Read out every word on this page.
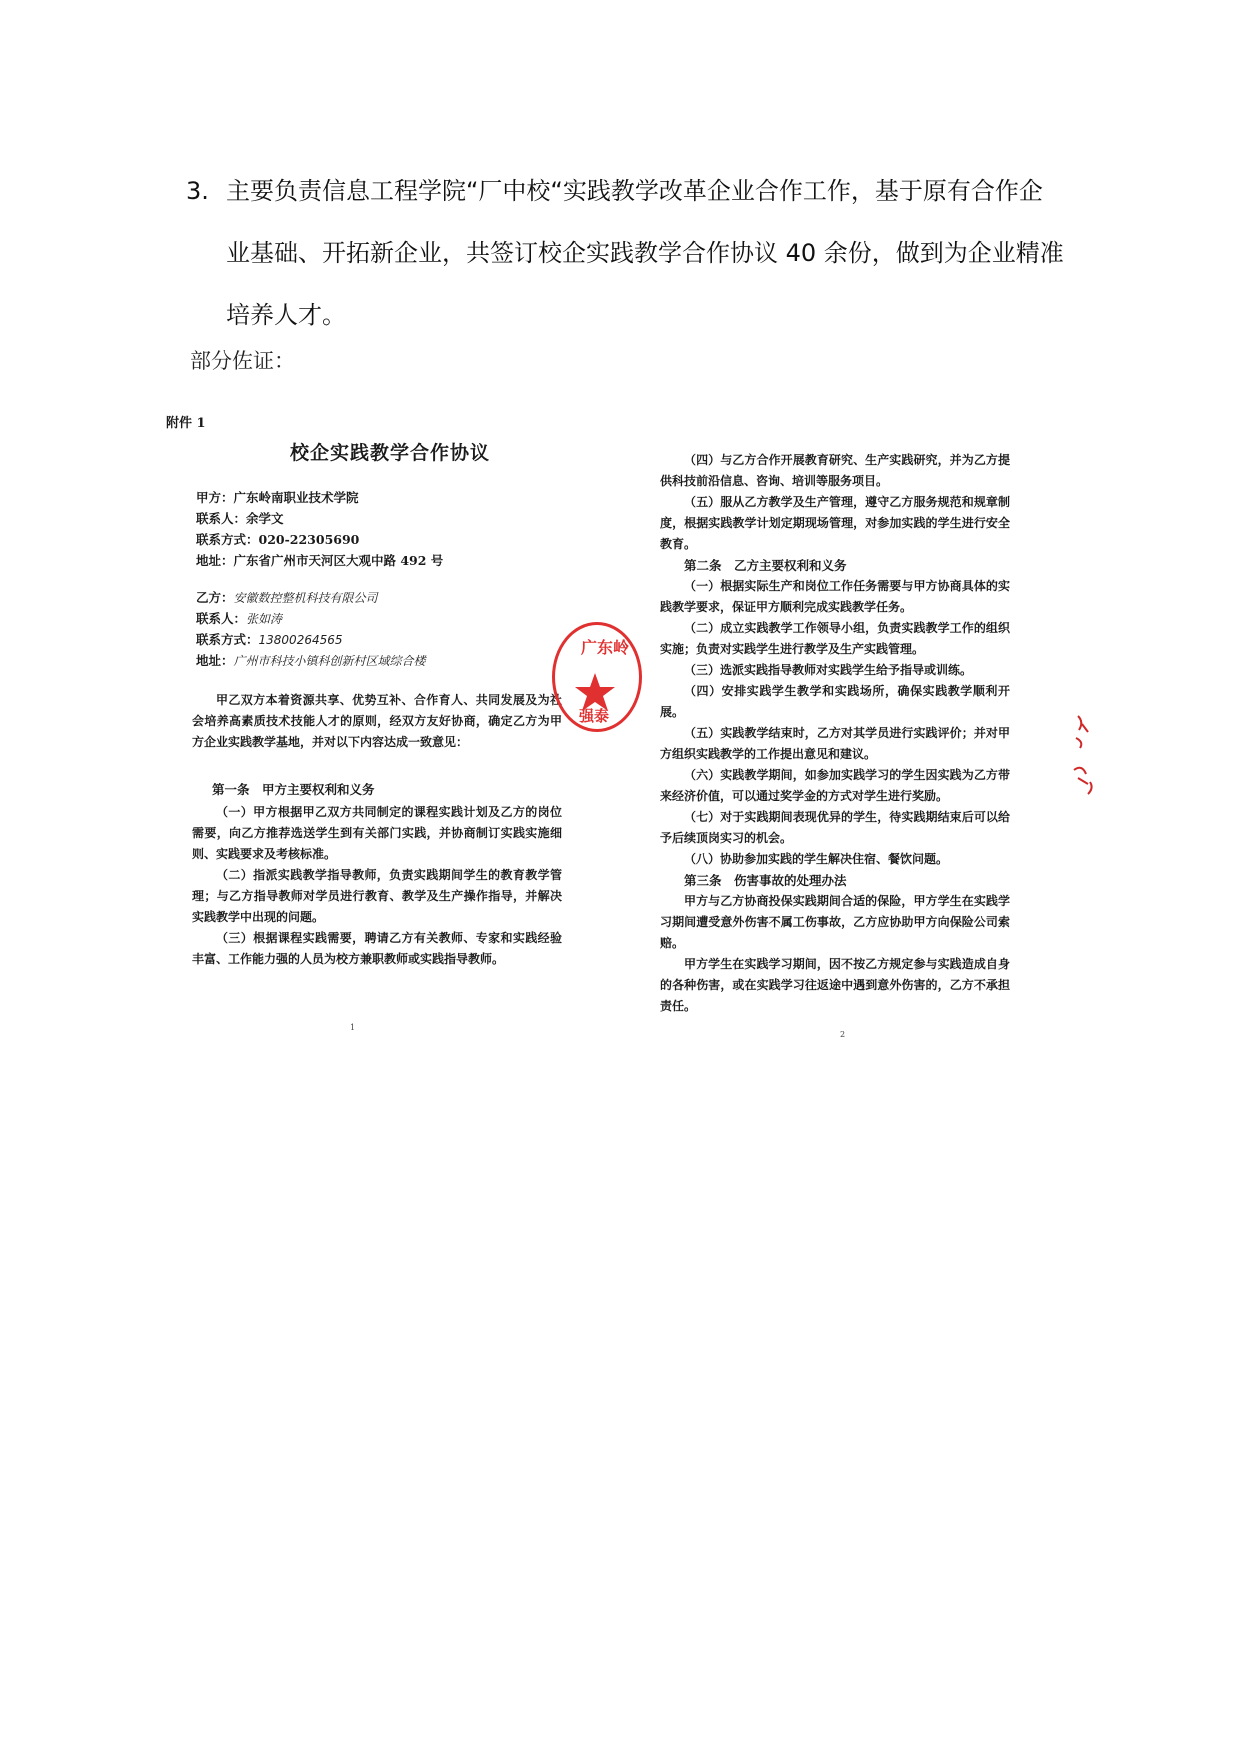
3. 主要负责信息工程学院“厂中校“实践教学改革企业合作工作，基于原有合作企业基础、开拓新企业，共签订校企实践教学合作协议 40 余份，做到为企业精准培养人才。
部分佐证：
附件 1
校企实践教学合作协议
甲方：广东岭南职业技术学院
联系人：余学文
联系方式：020-22305690
地址：广东省广州市天河区大观中路 492 号
乙方：安徽数控整机科技有限公司
联系人：张如涛
联系方式：13800264565
地址：广州市科技小镇科创新村区域综合楼
甲乙双方本着资源共享、优势互补、合作育人、共同发展及为社会培养高素质技术技能人才的原则，经双方友好协商，确定乙方为甲方企业实践教学基地，并对以下内容达成一致意见：
第一条　甲方主要权利和义务
（一）甲方根据甲乙双方共同制定的课程实践计划及乙方的岗位需要，向乙方推荐选送学生到有关部门实践，并协商制订实践实施细则、实践要求及考核标准。
（二）指派实践教学指导教师，负责实践期间学生的教育教学管理；与乙方指导教师对学员进行教育、教学及生产操作指导，并解决实践教学中出现的问题。
（三）根据课程实践需要，聘请乙方有关教师、专家和实践经验丰富、工作能力强的人员为校方兼职教师或实践指导教师。
1
广东岭
强泰
（四）与乙方合作开展教育研究、生产实践研究，并为乙方提供科技前沿信息、咨询、培训等服务项目。
（五）服从乙方教学及生产管理，遵守乙方服务规范和规章制度，根据实践教学计划定期现场管理，对参加实践的学生进行安全教育。
第二条　乙方主要权利和义务
（一）根据实际生产和岗位工作任务需要与甲方协商具体的实践教学要求，保证甲方顺利完成实践教学任务。
（二）成立实践教学工作领导小组，负责实践教学工作的组织实施；负责对实践学生进行教学及生产实践管理。
（三）选派实践指导教师对实践学生给予指导或训练。
（四）安排实践学生教学和实践场所，确保实践教学顺利开展。
（五）实践教学结束时，乙方对其学员进行实践评价；并对甲方组织实践教学的工作提出意见和建议。
（六）实践教学期间，如参加实践学习的学生因实践为乙方带来经济价值，可以通过奖学金的方式对学生进行奖励。
（七）对于实践期间表现优异的学生，待实践期结束后可以给予后续顶岗实习的机会。
（八）协助参加实践的学生解决住宿、餐饮问题。
第三条　伤害事故的处理办法
甲方与乙方协商投保实践期间合适的保险，甲方学生在实践学习期间遭受意外伤害不属工伤事故，乙方应协助甲方向保险公司索赔。
甲方学生在实践学习期间，因不按乙方规定参与实践造成自身的各种伤害，或在实践学习往返途中遇到意外伤害的，乙方不承担责任。
2
